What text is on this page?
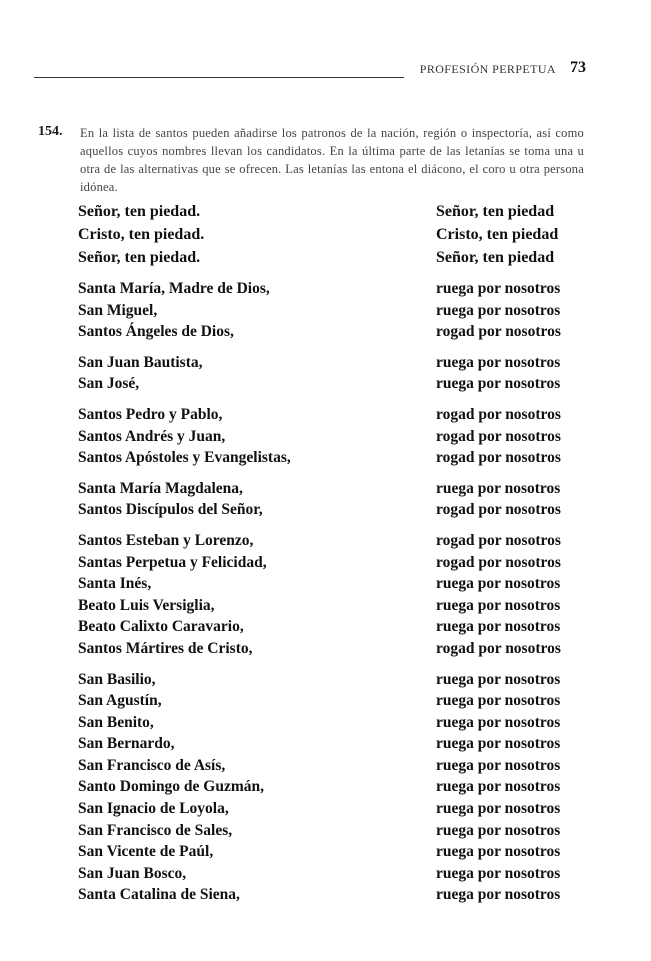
PROFESIÓN PERPETUA 73
154. En la lista de santos pueden añadirse los patronos de la nación, región o inspectoría, así como aquellos cuyos nombres llevan los candidatos. En la última parte de las letanías se toma una u otra de las alternativas que se ofrecen. Las letanías las entona el diácono, el coro u otra persona idónea.
Señor, ten piedad.	Señor, ten piedad
Cristo, ten piedad.	Cristo, ten piedad
Señor, ten piedad.	Señor, ten piedad
Santa María, Madre de Dios,	ruega por nosotros
San Miguel,	ruega por nosotros
Santos Ángeles de Dios,	rogad por nosotros
San Juan Bautista,	ruega por nosotros
San José,	ruega por nosotros
Santos Pedro y Pablo,	rogad por nosotros
Santos Andrés y Juan,	rogad por nosotros
Santos Apóstoles y Evangelistas,	rogad por nosotros
Santa María Magdalena,	ruega por nosotros
Santos Discípulos del Señor,	rogad por nosotros
Santos Esteban y Lorenzo,	rogad por nosotros
Santas Perpetua y Felicidad,	rogad por nosotros
Santa Inés,	ruega por nosotros
Beato Luis Versiglia,	ruega por nosotros
Beato Calixto Caravario,	ruega por nosotros
Santos Mártires de Cristo,	rogad por nosotros
San Basilio,	ruega por nosotros
San Agustín,	ruega por nosotros
San Benito,	ruega por nosotros
San Bernardo,	ruega por nosotros
San Francisco de Asís,	ruega por nosotros
Santo Domingo de Guzmán,	ruega por nosotros
San Ignacio de Loyola,	ruega por nosotros
San Francisco de Sales,	ruega por nosotros
San Vicente de Paúl,	ruega por nosotros
San Juan Bosco,	ruega por nosotros
Santa Catalina de Siena,	ruega por nosotros
